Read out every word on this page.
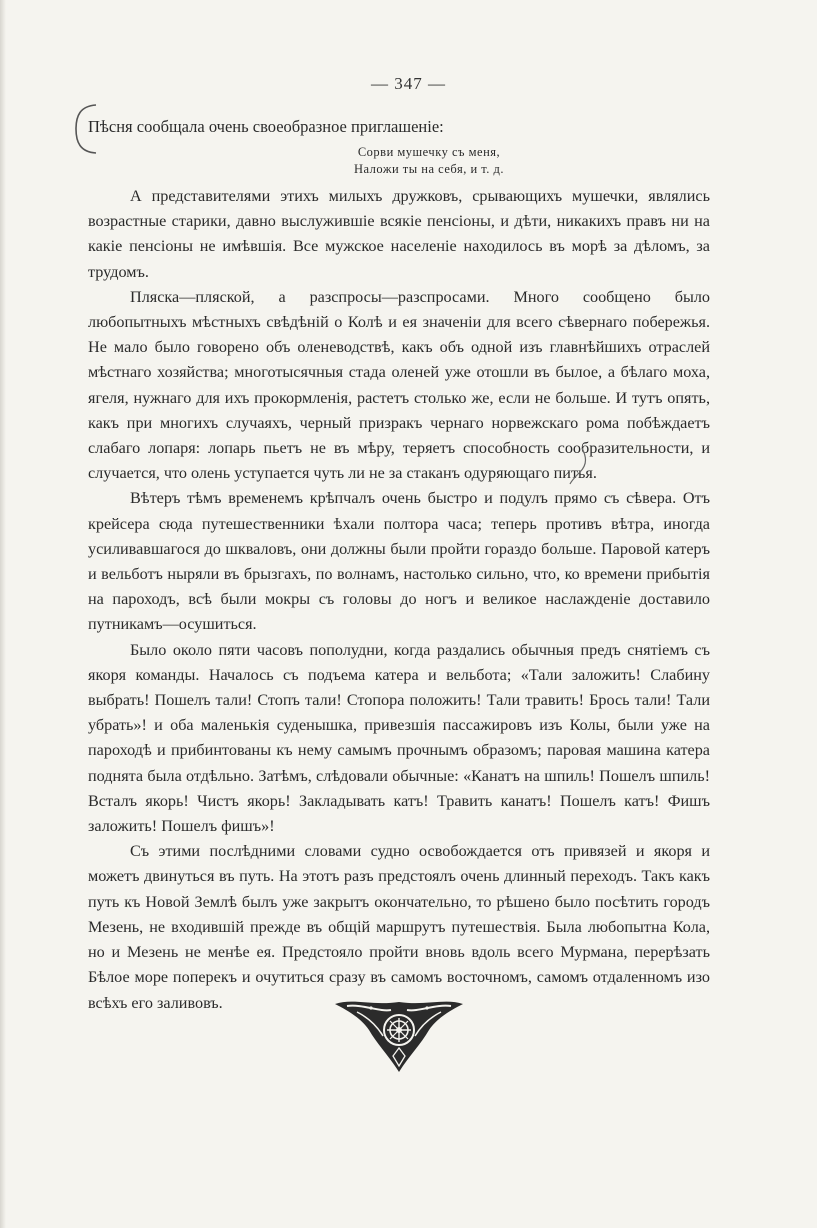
— 347 —

Пѣсня сообщала очень своеобразное приглашеніе:

Сорви мушечку съ меня,
Наложи ты на себя, и т. д.

А представителями этихъ милыхъ дружковъ, срывающихъ мушечки, являлись возрастные старики, давно выслужившіе всякіе пенсіоны, и дѣти, никакихъ правъ ни на какіе пенсіоны не имѣвшія. Все мужское населеніе находилось въ морѣ за дѣломъ, за трудомъ.

Пляска—пляской, а разспросы—разспросами. Много сообщено было любопытныхъ мѣстныхъ свѣдѣній о Колѣ и ея значеніи для всего сѣвернаго побережья. Не мало было говорено объ оленеводствѣ, какъ объ одной изъ главнѣйшихъ отраслей мѣстнаго хозяйства; многотысячныя стада оленей уже отошли въ былое, а бѣлаго моха, ягеля, нужнаго для ихъ прокормленія, растетъ столько же, если не больше. И тутъ опять, какъ при многихъ случаяхъ, черный призракъ чернаго норвежскаго рома побѣждаетъ слабаго лопаря: лопарь пьетъ не въ мѣру, теряетъ способность сообразительности, и случается, что олень уступается чуть ли не за стаканъ одуряющаго питья.

Вѣтеръ тѣмъ временемъ крѣпчалъ очень быстро и подулъ прямо съ сѣвера. Отъ крейсера сюда путешественники ѣхали полтора часа; теперь противъ вѣтра, иногда усиливавшагося до шкваловъ, они должны были пройти гораздо больше. Паровой катеръ и вельботъ ныряли въ брызгахъ, по волнамъ, настолько сильно, что, ко времени прибытія на пароходъ, всѣ были мокры съ головы до ногъ и великое наслажденіе доставило путникамъ—осушиться.

Было около пяти часовъ пополудни, когда раздались обычныя предъ снятіемъ съ якоря команды. Началось съ подъема катера и вельбота; «Тали заложить! Слабину выбрать! Пошелъ тали! Стопъ тали! Стопора положить! Тали травить! Брось тали! Тали убрать»! и оба маленькія суденышка, привезшія пассажировъ изъ Колы, были уже на пароходѣ и прибинтованы къ нему самымъ прочнымъ образомъ; паровая машина катера поднята была отдѣльно. Затѣмъ, слѣдовали обычные: «Канатъ на шпиль! Пошелъ шпиль! Всталъ якорь! Чистъ якорь! Закладывать катъ! Травить канатъ! Пошелъ катъ! Фишъ заложить! Пошелъ фишъ»!

Съ этими послѣдними словами судно освобождается отъ привязей и якоря и можетъ двинуться въ путь. На этотъ разъ предстоялъ очень длинный переходъ. Такъ какъ путь къ Новой Землѣ былъ уже закрытъ окончательно, то рѣшено было посѣтить городъ Мезень, не входившій прежде въ общій маршрутъ путешествія. Была любопытна Кола, но и Мезень не менѣе ея. Предстояло пройти вновь вдоль всего Мурмана, перерѣзать Бѣлое море поперекъ и очутиться сразу въ самомъ восточномъ, самомъ отдаленномъ изо всѣхъ его заливовъ.
